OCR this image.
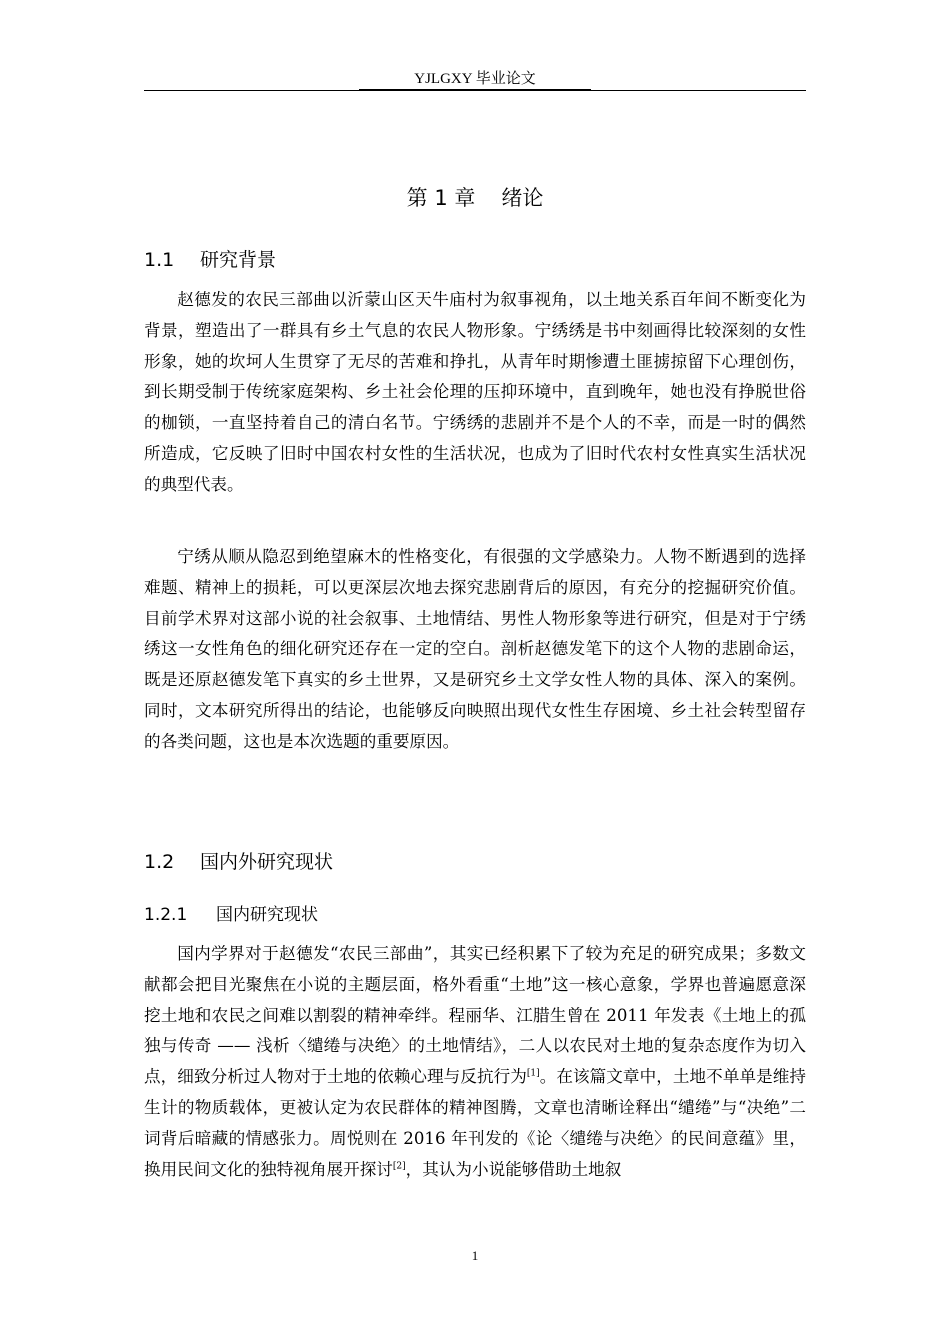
YJLGXY 毕业论文
第 1 章 绪论
1.1 研究背景

赵德发的农民三部曲以沂蒙山区天牛庙村为叙事视角，以土地关系百年间不断变化为背景，塑造出了一群具有乡土气息的农民人物形象。宁绣绣是书中刻画得比较深刻的女性形象，她的坎坷人生贯穿了无尽的苦难和挣扎，从青年时期惨遭土匪掳掠留下心理创伤，到长期受制于传统家庭架构、乡土社会伦理的压抑环境中，直到晚年，她也没有挣脱世俗的枷锁，一直坚持着自己的清白名节。宁绣绣的悲剧并不是个人的不幸，而是一时的偶然所造成，它反映了旧时中国农村女性的生活状况，也成为了旧时代农村女性真实生活状况的典型代表。

宁绣从顺从隐忍到绝望麻木的性格变化，有很强的文学感染力。人物不断遇到的选择难题、精神上的损耗，可以更深层次地去探究悲剧背后的原因，有充分的挖掘研究价值。目前学术界对这部小说的社会叙事、土地情结、男性人物形象等进行研究，但是对于宁绣绣这一女性角色的细化研究还存在一定的空白。剖析赵德发笔下的这个人物的悲剧命运，既是还原赵德发笔下真实的乡土世界，又是研究乡土文学女性人物的具体、深入的案例。同时，文本研究所得出的结论，也能够反向映照出现代女性生存困境、乡土社会转型留存的各类问题，这也是本次选题的重要原因。

1.2 国内外研究现状
1.2.1 国内研究现状

国内学界对于赵德发“农民三部曲”，其实已经积累下了较为充足的研究成果；多数文献都会把目光聚焦在小说的主题层面，格外看重“土地”这一核心意象，学界也普遍愿意深挖土地和农民之间难以割裂的精神牵绊。程丽华、江腊生曾在 2011 年发表《土地上的孤独与传奇 —— 浅析〈缱绻与决绝〉的土地情结》，二人以农民对土地的复杂态度作为切入点，细致分析过人物对于土地的依赖心理与反抗行为[1]。在该篇文章中，土地不单单是维持生计的物质载体，更被认定为农民群体的精神图腾，文章也清晰诠释出“缱绻”与“决绝”二词背后暗藏的情感张力。周悦则在 2016 年刊发的《论〈缱绻与决绝〉的民间意蕴》里，换用民间文化的独特视角展开探讨[2]，其认为小说能够借助土地叙

1
